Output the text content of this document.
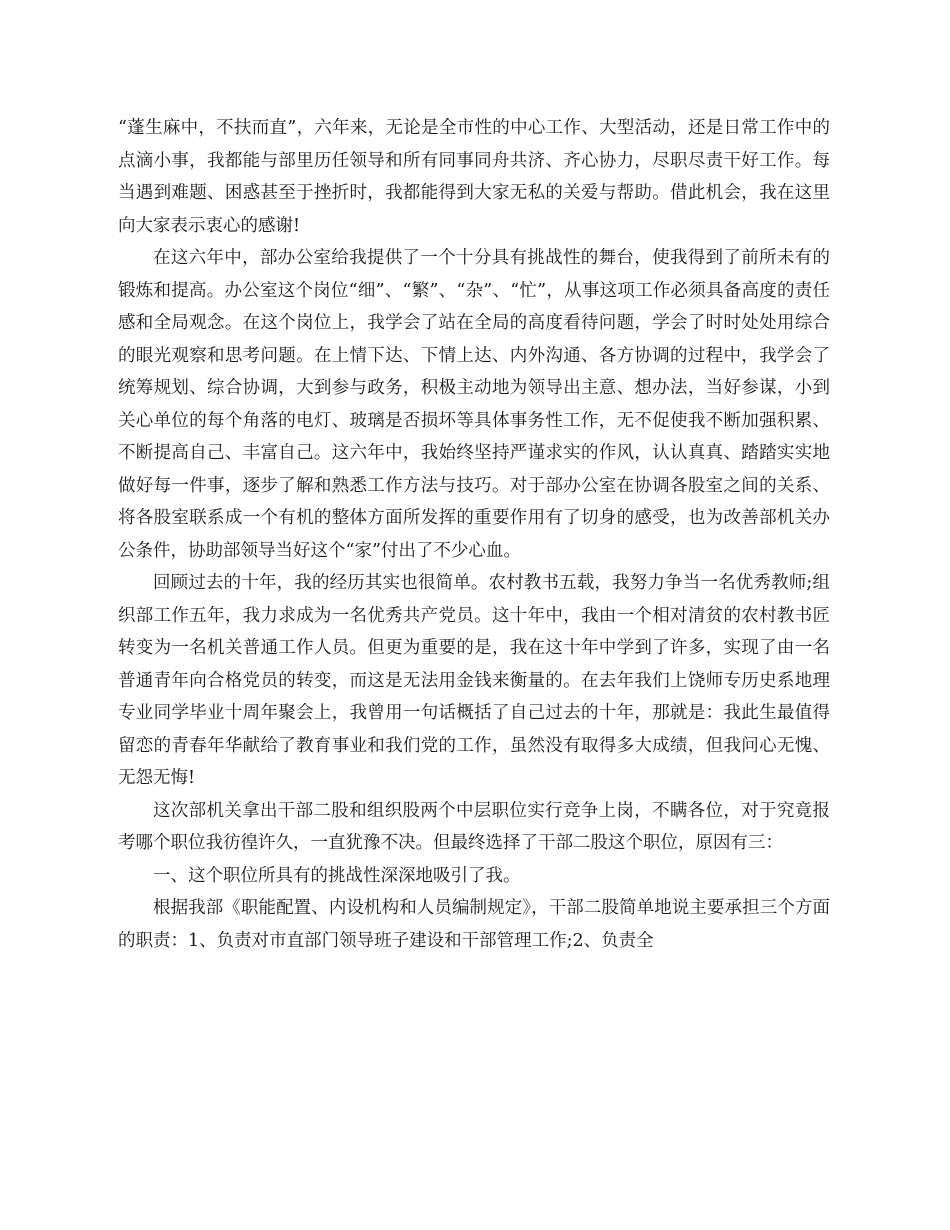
“蓬生麻中，不扶而直”，六年来，无论是全市性的中心工作、大型活动，还是日常工作中的点滴小事，我都能与部里历任领导和所有同事同舟共济、齐心协力，尽职尽责干好工作。每当遇到难题、困惑甚至于挫折时，我都能得到大家无私的关爱与帮助。借此机会，我在这里向大家表示衷心的感谢!

在这六年中，部办公室给我提供了一个十分具有挑战性的舞台，使我得到了前所未有的锻炼和提高。办公室这个岗位“细”、“繁”、“杂”、“忙”，从事这项工作必须具备高度的责任感和全局观念。在这个岗位上，我学会了站在全局的高度看待问题，学会了时时处处用综合的眼光观察和思考问题。在上情下达、下情上达、内外沟通、各方协调的过程中，我学会了统筹规划、综合协调，大到参与政务，积极主动地为领导出主意、想办法，当好参谋，小到关心单位的每个角落的电灯、玻璃是否损坏等具体事务性工作，无不促使我不断加强积累、不断提高自己、丰富自己。这六年中，我始终坚持严谨求实的作风，认认真真、踏踏实实地做好每一件事，逐步了解和熟悉工作方法与技巧。对于部办公室在协调各股室之间的关系、将各股室联系成一个有机的整体方面所发挥的重要作用有了切身的感受，也为改善部机关办公条件，协助部领导当好这个“家”付出了不少心血。

回顾过去的十年，我的经历其实也很简单。农村教书五载，我努力争当一名优秀教师;组织部工作五年，我力求成为一名优秀共产党员。这十年中，我由一个相对清贫的农村教书匠转变为一名机关普通工作人员。但更为重要的是，我在这十年中学到了许多，实现了由一名普通青年向合格党员的转变，而这是无法用金钱来衡量的。在去年我们上饶师专历史系地理专业同学毕业十周年聚会上，我曾用一句话概括了自己过去的十年，那就是：我此生最值得留恋的青春年华献给了教育事业和我们党的工作，虽然没有取得多大成绩，但我问心无愧、无怨无悔!

这次部机关拿出干部二股和组织股两个中层职位实行竞争上岗，不瞒各位，对于究竟报考哪个职位我彷徨许久，一直犹豫不决。但最终选择了干部二股这个职位，原因有三：

一、这个职位所具有的挑战性深深地吸引了我。

根据我部《职能配置、内设机构和人员编制规定》，干部二股简单地说主要承担三个方面的职责：1、负责对市直部门领导班子建设和干部管理工作;2、负责全
